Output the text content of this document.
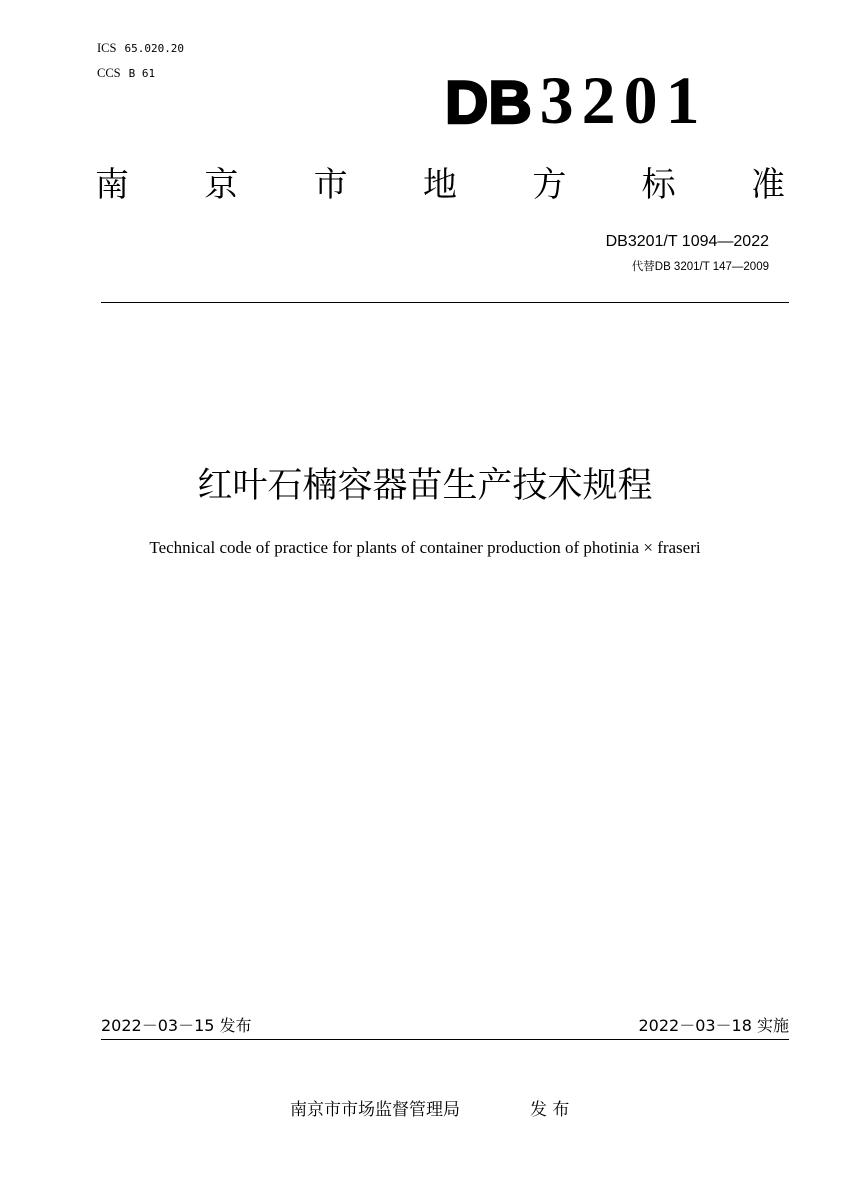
ICS 65.020.20
CCS B 61	DB 3201
南 京 市 地 方 标 准
DB3201/T 1094—2022
代替DB 3201/T 147—2009
红叶石楠容器苗生产技术规程
Technical code of practice for plants of container production of photinia × fraseri
2022－03－15 发布	2022－03－18 实施
南京市市场监督管理局	发 布
